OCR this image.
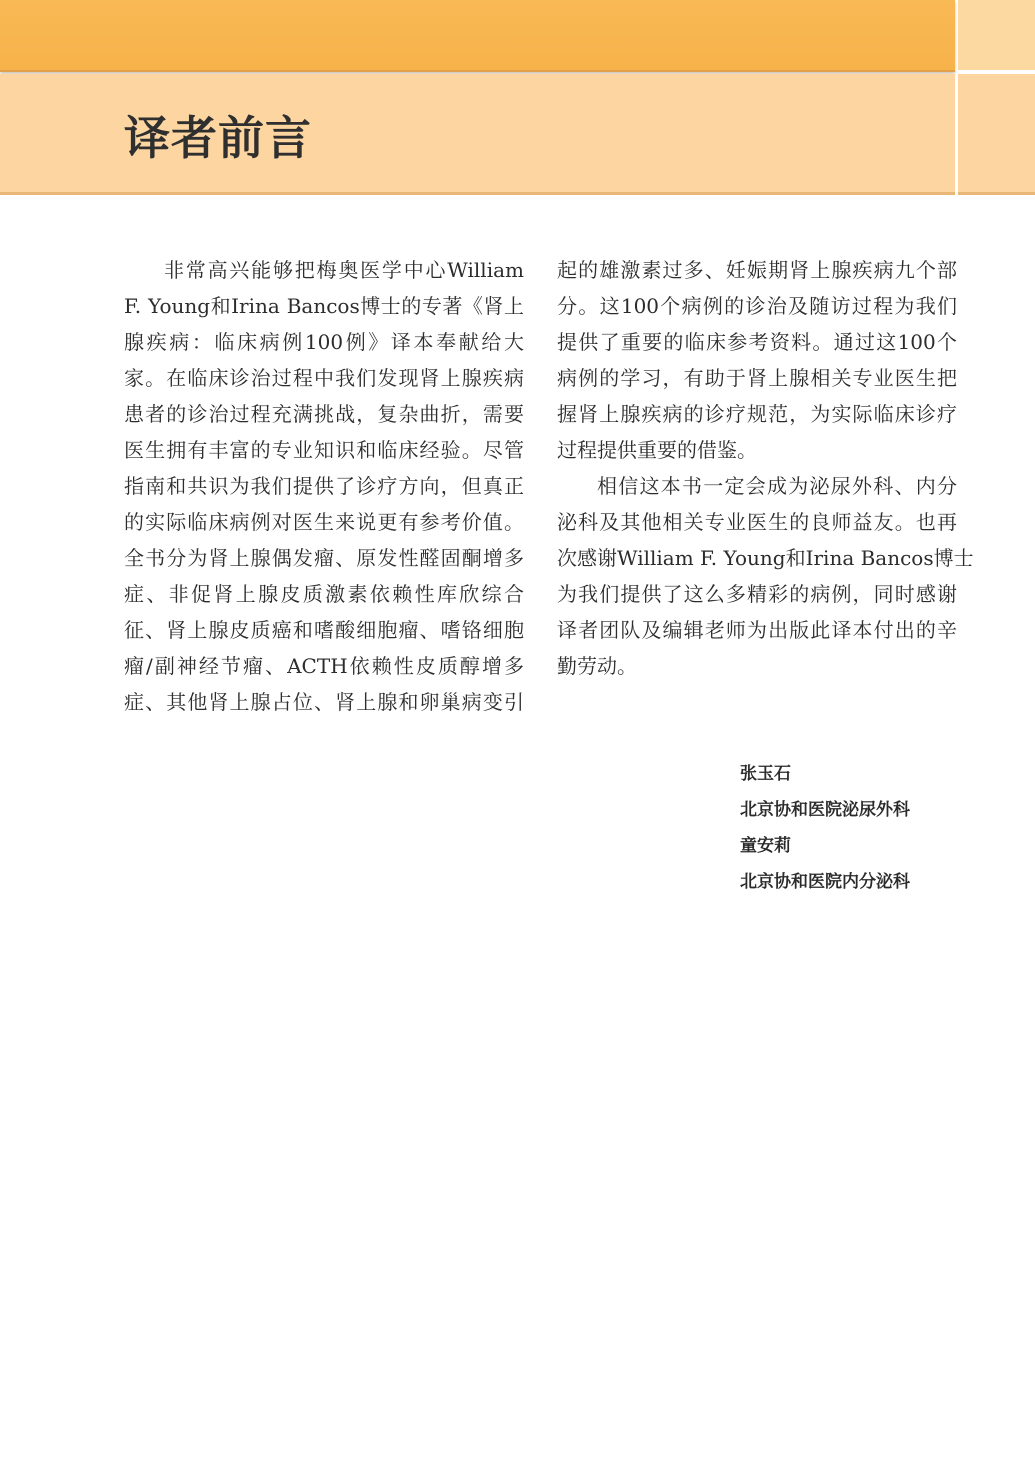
译者前言
非常高兴能够把梅奥医学中心William
F. Young和Irina Bancos博士的专著《肾上
腺疾病：临床病例100例》译本奉献给大
家。在临床诊治过程中我们发现肾上腺疾病
患者的诊治过程充满挑战，复杂曲折，需要
医生拥有丰富的专业知识和临床经验。尽管
指南和共识为我们提供了诊疗方向，但真正
的实际临床病例对医生来说更有参考价值。
全书分为肾上腺偶发瘤、原发性醛固酮增多
症、非促肾上腺皮质激素依赖性库欣综合
征、肾上腺皮质癌和嗜酸细胞瘤、嗜铬细胞
瘤/副神经节瘤、ACTH依赖性皮质醇增多
症、其他肾上腺占位、肾上腺和卵巢病变引
起的雄激素过多、妊娠期肾上腺疾病九个部
分。这100个病例的诊治及随访过程为我们
提供了重要的临床参考资料。通过这100个
病例的学习，有助于肾上腺相关专业医生把
握肾上腺疾病的诊疗规范，为实际临床诊疗
过程提供重要的借鉴。
相信这本书一定会成为泌尿外科、内分
泌科及其他相关专业医生的良师益友。也再
次感谢William F. Young和Irina Bancos博士
为我们提供了这么多精彩的病例，同时感谢
译者团队及编辑老师为出版此译本付出的辛
勤劳动。
张玉石
北京协和医院泌尿外科
童安莉
北京协和医院内分泌科
